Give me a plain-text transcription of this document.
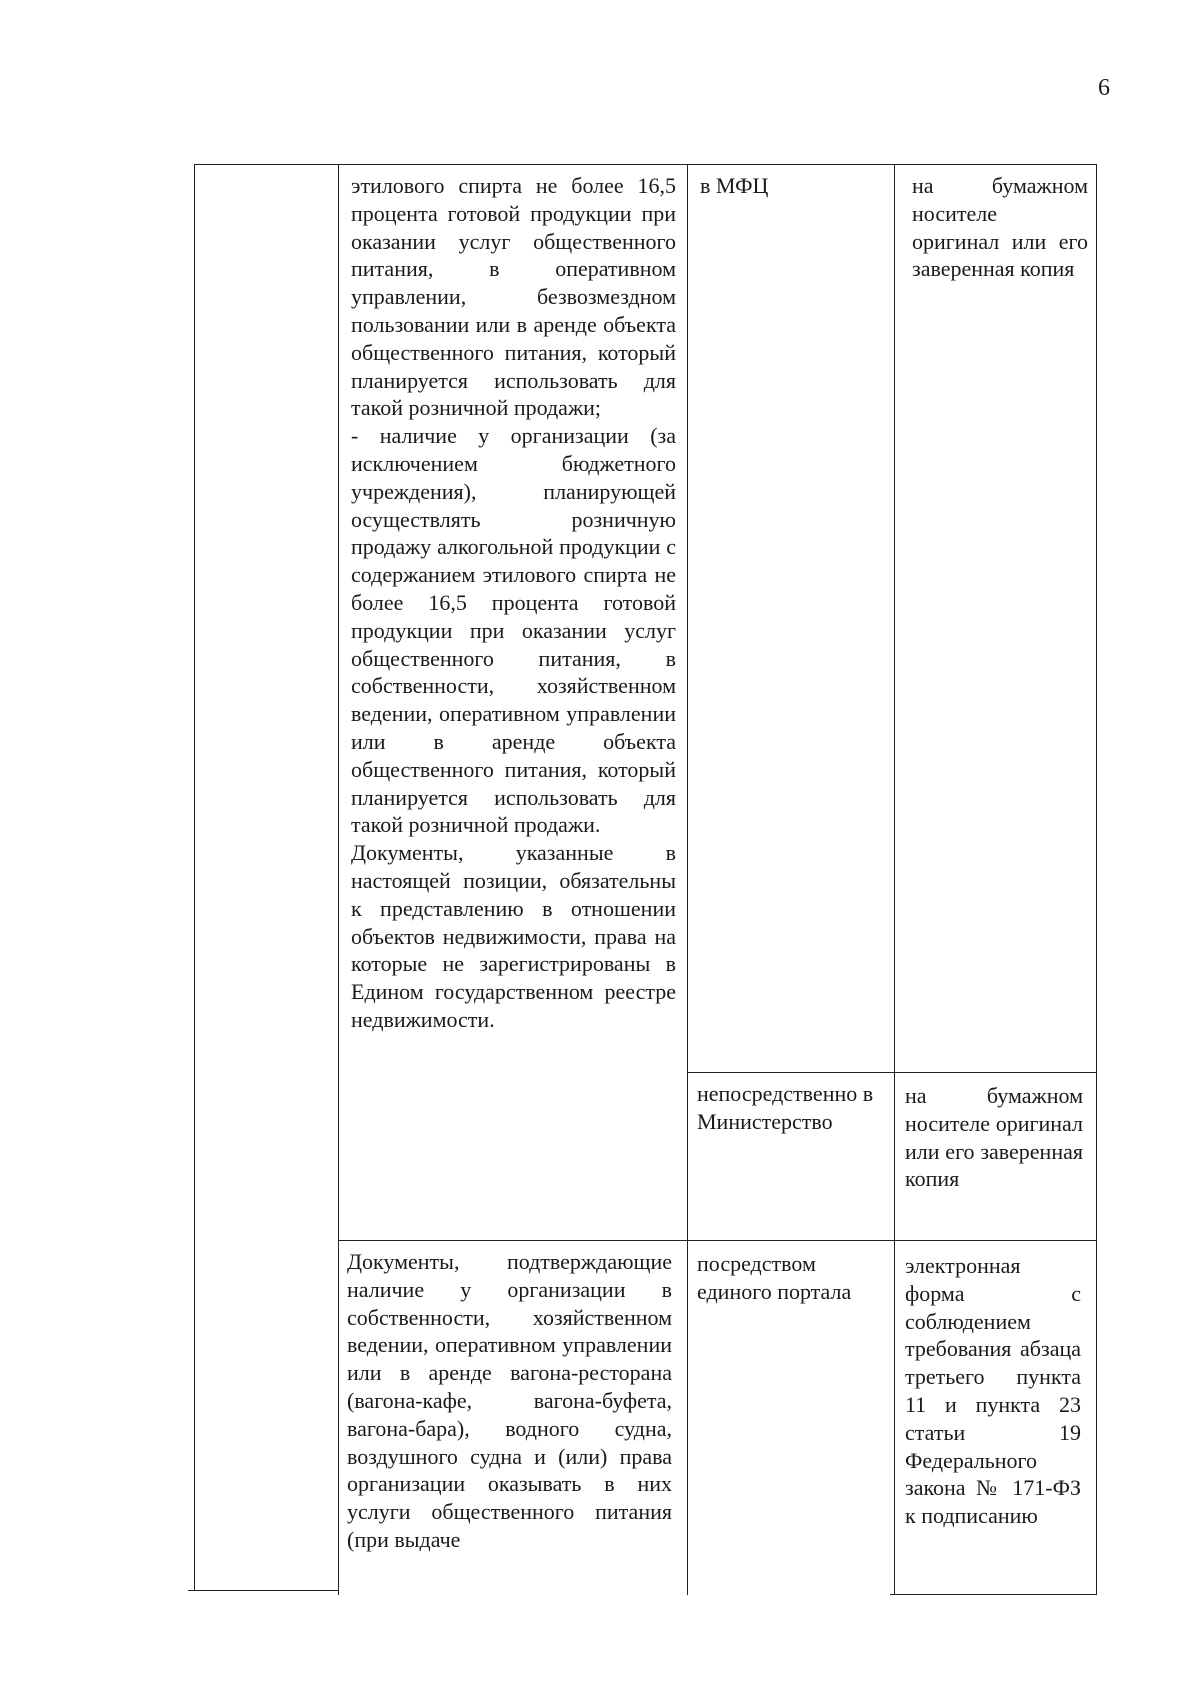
6

этилового спирта не более 16,5 процента готовой продукции при оказании услуг общественного питания, в оперативном управлении, безвозмездном пользовании или в аренде объекта общественного питания, который планируется использовать для такой розничной продажи;

- наличие у организации (за исключением бюджетного учреждения), планирующей осуществлять розничную продажу алкогольной продукции с содержанием этилового спирта не более 16,5 процента готовой продукции при оказании услуг общественного питания, в собственности, хозяйственном ведении, оперативном управлении или в аренде объекта общественного питания, который планируется использовать для такой розничной продажи.

Документы, указанные в настоящей позиции, обязательны к представлению в отношении объектов недвижимости, права на которые не зарегистрированы в Едином государственном реестре недвижимости.

в МФЦ	на бумажном носителе оригинал или его заверенная копия

непосредственно в Министерство

на бумажном носителе оригинал или его заверенная копия

Документы, подтверждающие наличие у организации в собственности, хозяйственном ведении, оперативном управлении или в аренде вагона-ресторана (вагона-кафе, вагона-буфета, вагона-бара), водного судна, воздушного судна и (или) права организации оказывать в них услуги общественного питания (при выдаче

посредством единого портала

электронная форма с соблюдением требования абзаца третьего пункта 11 и пункта 23 статьи 19 Федерального закона № 171-ФЗ к подписанию
